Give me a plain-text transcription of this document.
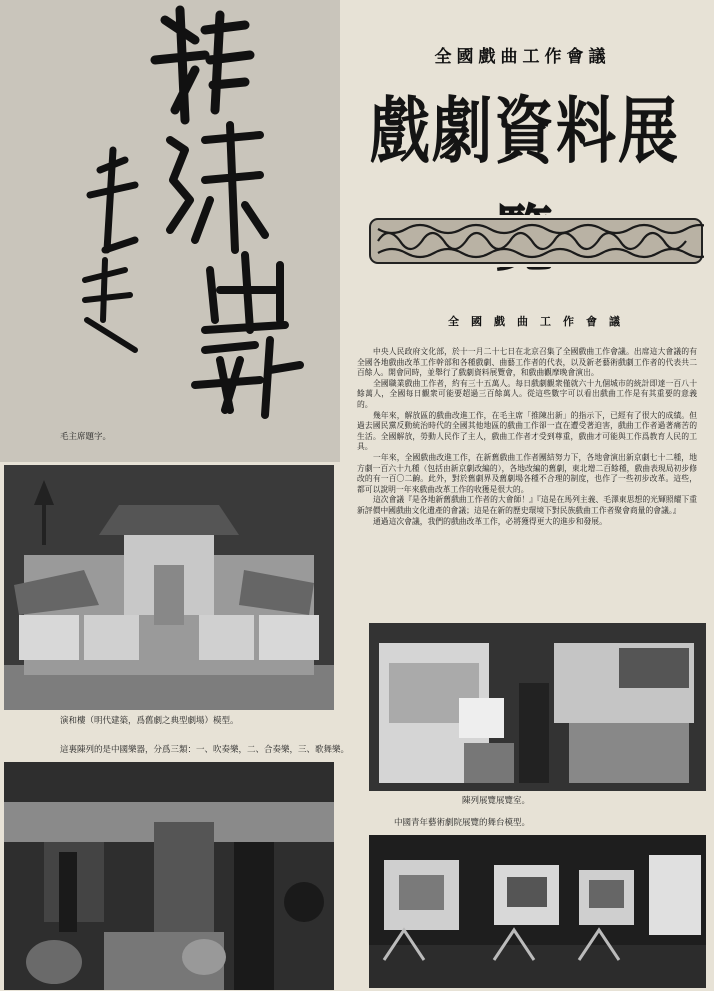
毛主席題字。
全國戲曲工作會議
戲劇資料展
全國戲曲工作會議

中央人民政府文化部，於十一月二十七日在北京召集了全國戲曲工作會議。出席這大會議的有全國各地戲曲改革工作幹部和各種戲劇、曲藝工作者的代表，以及新老藝術戲劇工作者的代表共二百餘人。開會同時，並舉行了戲劇資料展覽會，和戲曲觀摩晚會演出。

全國職業戲曲工作者，約有三十五萬人。每日戲劇觀衆僅就六十九個城市的統計即達一百八十餘萬人，全國每日觀衆可能要超過三百餘萬人。從這些數字可以看出戲曲工作是有其重要的意義的。

幾年來，解放區的戲曲改進工作，在毛主席「推陳出新」的指示下，已經有了很大的成績。但過去國民黨反動統治時代的全國其他地區的戲曲工作卻一直在遭受著迫害，戲曲工作者過著痛苦的生活。全國解放，勞動人民作了主人，戲曲工作者才受到尊重，戲曲才可能與工作爲教育人民的工具。

一年來，全國戲曲改進工作，在新舊戲曲工作者團結努力下，各地會演出新京劇七十二種，地方劇一百六十九種（包括由新京劇改編的），各地改編的舊劇，東北增二百餘種，戲曲表現局初步修改的有一百〇二齣。此外，對於舊劇界及舊劇場各種不合理的制度，也作了一些初步改革。這些，都可以說明一年來戲曲改革工作的收獲是很大的。

這次會議『是各地新舊戲曲工作者的大會師！』『這是在馬列主義、毛澤東思想的光輝照耀下重新評價中國戲曲文化遺產的會議；這是在新的歷史環境下對民族戲曲工作者聚會商量的會議。』

通過這次會議，我們的戲曲改革工作，必將獲得更大的進步和發展。

演和樓（明代建築，爲舊劇之典型劇場）模型。
這裏陳列的是中國樂器，分爲三類：一、吹奏樂，二、合奏樂，三、歌舞樂。
陳列展覽展覽室。
中國青年藝術劇院展覽的舞台模型。
